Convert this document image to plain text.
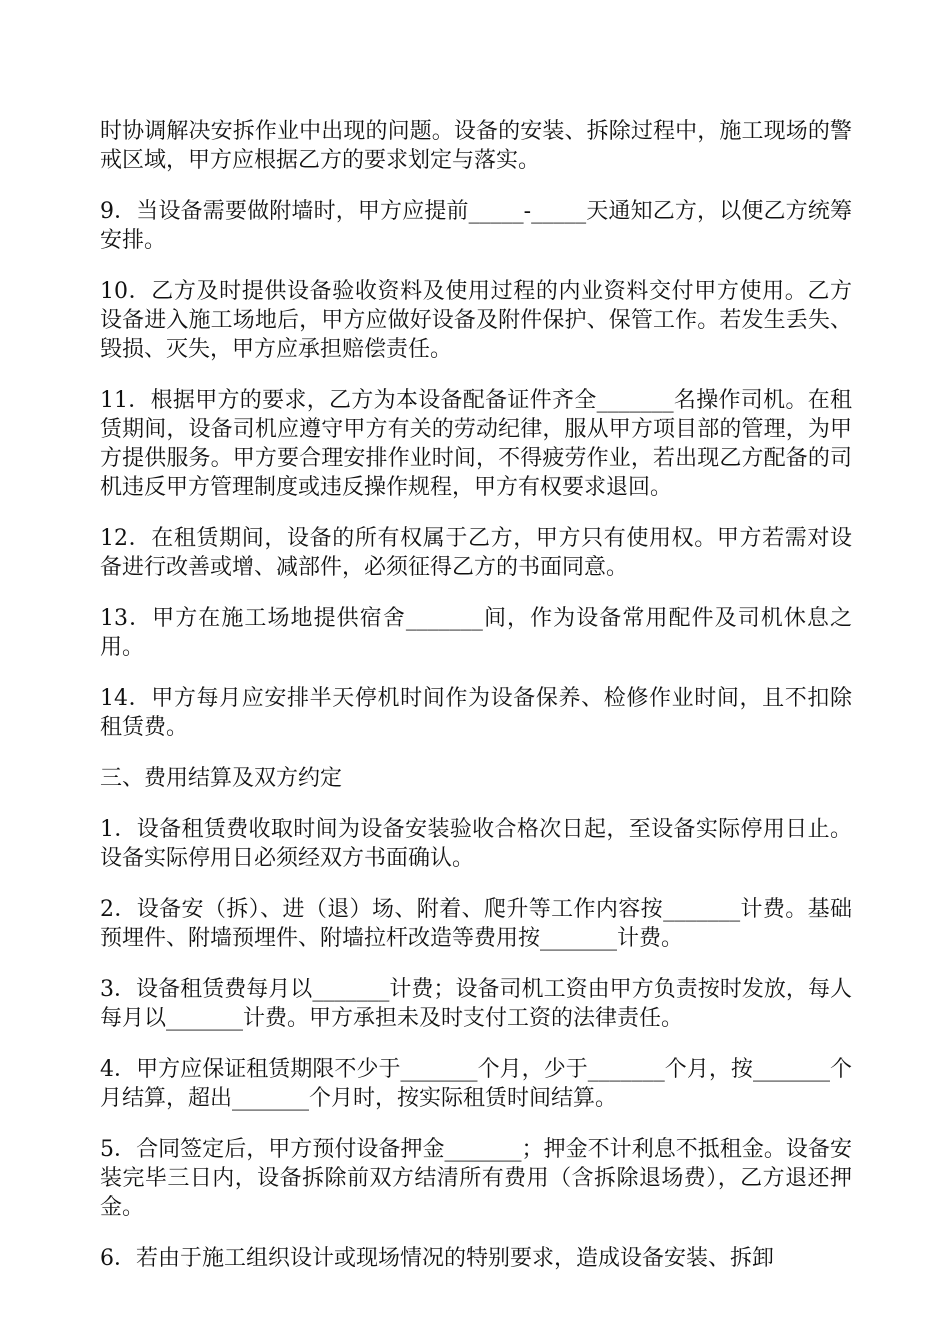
时协调解决安拆作业中出现的问题。设备的安装、拆除过程中，施工现场的警戒区域，甲方应根据乙方的要求划定与落实。

9．当设备需要做附墙时，甲方应提前_____-_____天通知乙方，以便乙方统筹安排。

10．乙方及时提供设备验收资料及使用过程的内业资料交付甲方使用。乙方设备进入施工场地后，甲方应做好设备及附件保护、保管工作。若发生丢失、毁损、灭失，甲方应承担赔偿责任。

11．根据甲方的要求，乙方为本设备配备证件齐全_______名操作司机。在租赁期间，设备司机应遵守甲方有关的劳动纪律，服从甲方项目部的管理，为甲方提供服务。甲方要合理安排作业时间，不得疲劳作业，若出现乙方配备的司机违反甲方管理制度或违反操作规程，甲方有权要求退回。

12．在租赁期间，设备的所有权属于乙方，甲方只有使用权。甲方若需对设备进行改善或增、减部件，必须征得乙方的书面同意。

13．甲方在施工场地提供宿舍_______间，作为设备常用配件及司机休息之用。

14．甲方每月应安排半天停机时间作为设备保养、检修作业时间，且不扣除租赁费。

三、费用结算及双方约定

1．设备租赁费收取时间为设备安装验收合格次日起，至设备实际停用日止。设备实际停用日必须经双方书面确认。

2．设备安（拆）、进（退）场、附着、爬升等工作内容按_______计费。基础预埋件、附墙预埋件、附墙拉杆改造等费用按_______计费。

3．设备租赁费每月以_______计费；设备司机工资由甲方负责按时发放，每人每月以_______计费。甲方承担未及时支付工资的法律责任。

4．甲方应保证租赁期限不少于_______个月，少于_______个月，按_______个月结算，超出_______个月时，按实际租赁时间结算。

5．合同签定后，甲方预付设备押金_______；押金不计利息不抵租金。设备安装完毕三日内，设备拆除前双方结清所有费用（含拆除退场费），乙方退还押金。

6．若由于施工组织设计或现场情况的特别要求，造成设备安装、拆卸
